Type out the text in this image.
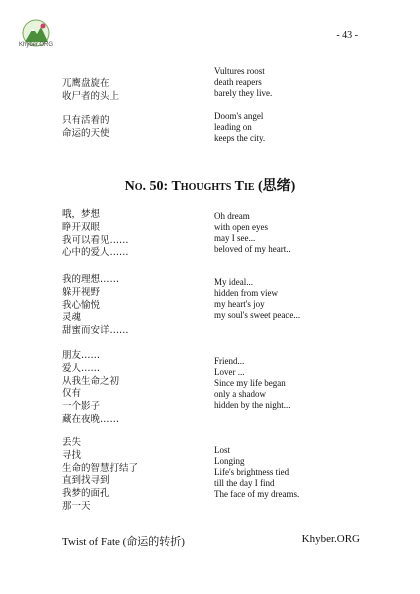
Khyber.ORG
- 43 -
兀鹰盘旋在
收尸者的头上
Vultures roost
death reapers
barely they live.
只有活着的
命运的天使
Doom's angel
leading on
keeps the city.
No. 50: Thoughts Tie (思绪)
哦，梦想
睁开双眼
我可以看见……
心中的爱人……
Oh dream
with open eyes
may I see...
beloved of my heart..
我的理想……
躲开视野
我心愉悦
灵魂
甜蜜而安详……
My ideal...
hidden from view
my heart's joy
my soul's sweet peace...
朋友……
爱人……
从我生命之初
仅有
一个影子
藏在夜晚……
Friend...
Lover ...
Since my life began
only a shadow
hidden by the night...
丢失
寻找
生命的智慧打结了
直到找寻到
我梦的面孔
那一天
Lost
Longing
Life's brightness tied
till the day I find
The face of my dreams.
Twist of Fate (命运的转折)	Khyber.ORG
